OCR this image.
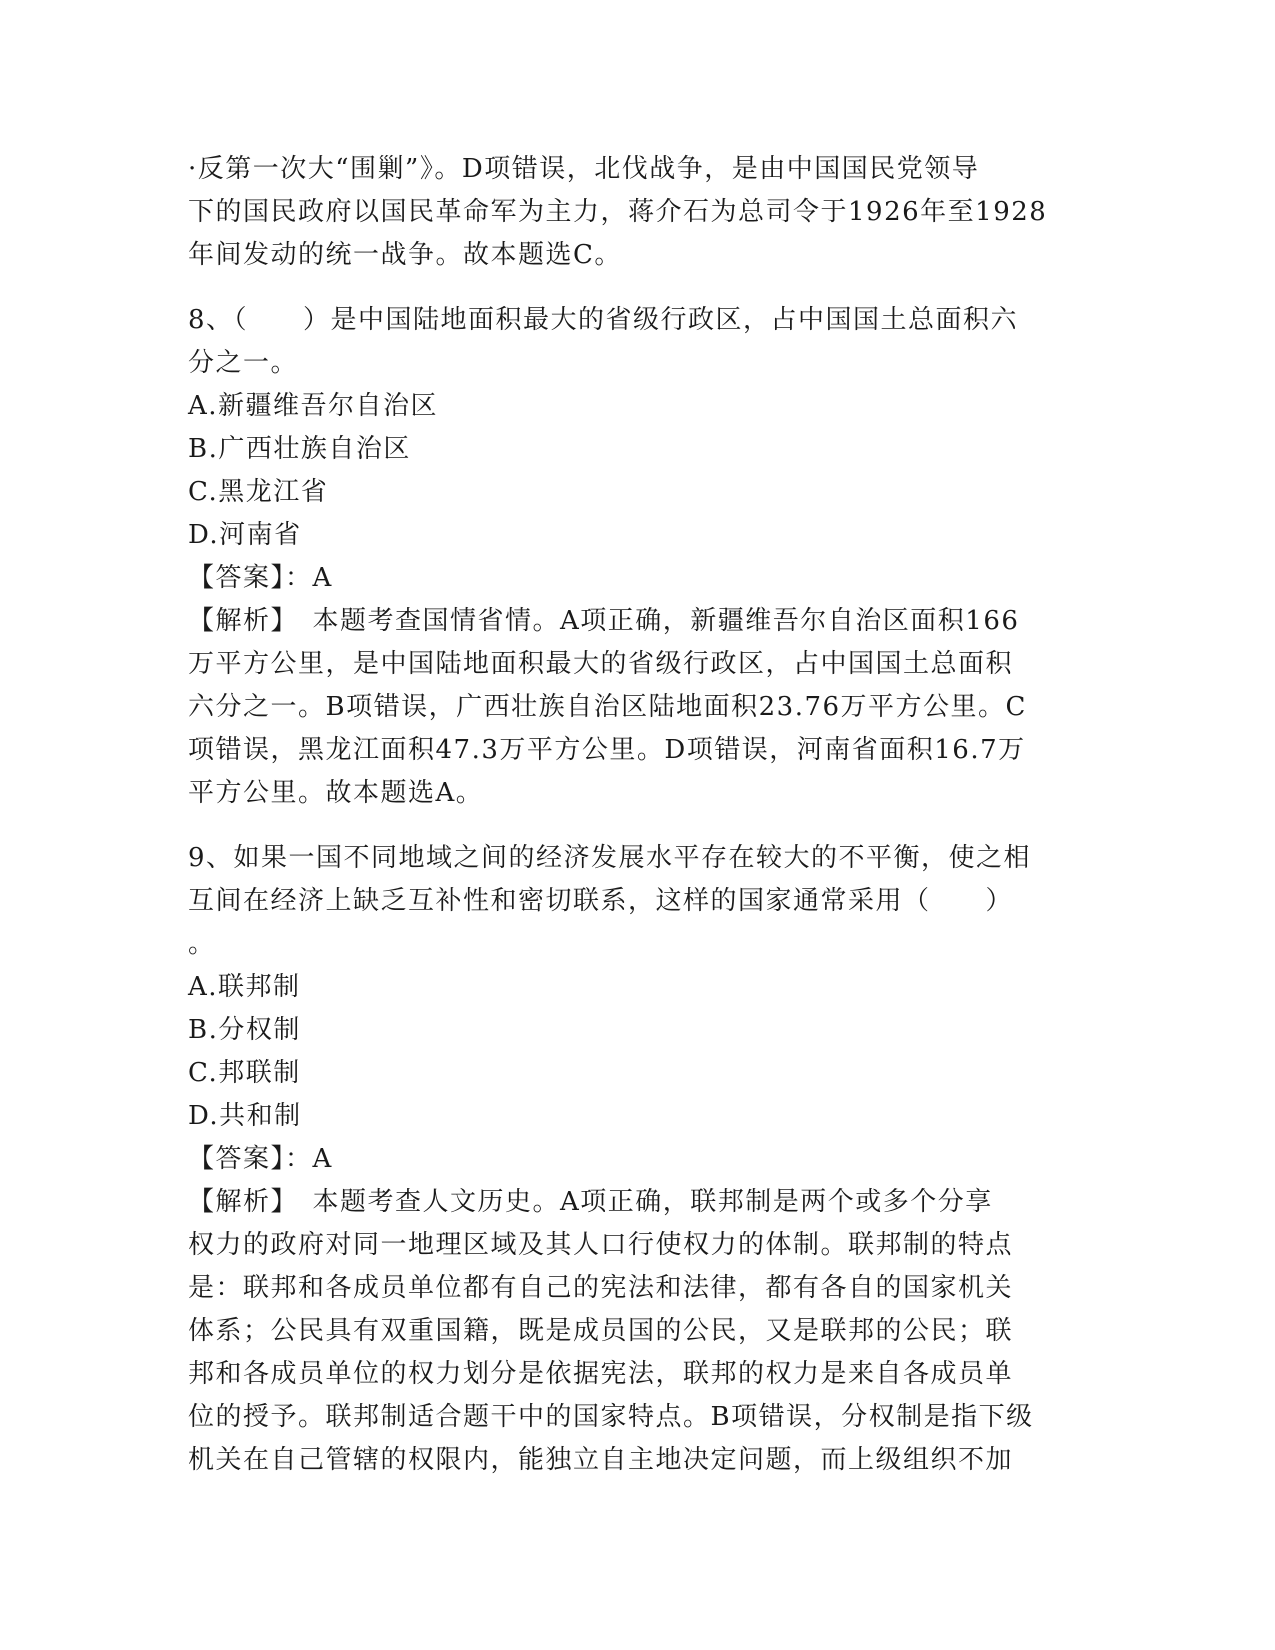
·反第一次大“围剿”》。D项错误，北伐战争，是由中国国民党领导
下的国民政府以国民革命军为主力，蒋介石为总司令于1926年至1928
年间发动的统一战争。故本题选C。
8、（　　）是中国陆地面积最大的省级行政区，占中国国土总面积六
分之一。
A.新疆维吾尔自治区
B.广西壮族自治区
C.黑龙江省
D.河南省
【答案】：A
【解析】　本题考查国情省情。A项正确，新疆维吾尔自治区面积166
万平方公里，是中国陆地面积最大的省级行政区，占中国国土总面积
六分之一。B项错误，广西壮族自治区陆地面积23.76万平方公里。C
项错误，黑龙江面积47.3万平方公里。D项错误，河南省面积16.7万
平方公里。故本题选A。
9、如果一国不同地域之间的经济发展水平存在较大的不平衡，使之相
互间在经济上缺乏互补性和密切联系，这样的国家通常采用（　　）
。
A.联邦制
B.分权制
C.邦联制
D.共和制
【答案】：A
【解析】　本题考查人文历史。A项正确，联邦制是两个或多个分享
权力的政府对同一地理区域及其人口行使权力的体制。联邦制的特点
是：联邦和各成员单位都有自己的宪法和法律，都有各自的国家机关
体系；公民具有双重国籍，既是成员国的公民，又是联邦的公民；联
邦和各成员单位的权力划分是依据宪法，联邦的权力是来自各成员单
位的授予。联邦制适合题干中的国家特点。B项错误，分权制是指下级
机关在自己管辖的权限内，能独立自主地决定问题，而上级组织不加
